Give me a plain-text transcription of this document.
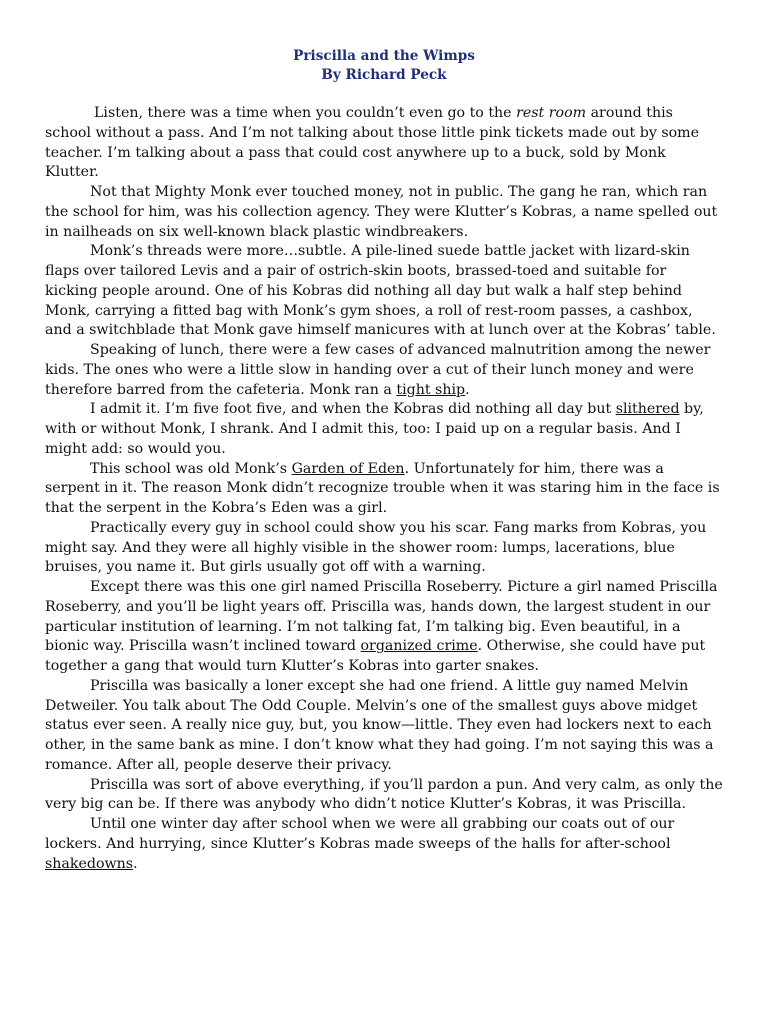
Priscilla and the Wimps
By Richard Peck

Listen, there was a time when you couldn’t even go to the rest room around this school without a pass. And I’m not talking about those little pink tickets made out by some teacher. I’m talking about a pass that could cost anywhere up to a buck, sold by Monk Klutter.

Not that Mighty Monk ever touched money, not in public. The gang he ran, which ran the school for him, was his collection agency. They were Klutter’s Kobras, a name spelled out in nailheads on six well-known black plastic windbreakers.

Monk’s threads were more…subtle. A pile-lined suede battle jacket with lizard-skin flaps over tailored Levis and a pair of ostrich-skin boots, brassed-toed and suitable for kicking people around. One of his Kobras did nothing all day but walk a half step behind Monk, carrying a fitted bag with Monk’s gym shoes, a roll of rest-room passes, a cashbox, and a switchblade that Monk gave himself manicures with at lunch over at the Kobras’ table.

Speaking of lunch, there were a few cases of advanced malnutrition among the newer kids. The ones who were a little slow in handing over a cut of their lunch money and were therefore barred from the cafeteria. Monk ran a tight ship.

I admit it. I’m five foot five, and when the Kobras did nothing all day but slithered by, with or without Monk, I shrank. And I admit this, too: I paid up on a regular basis. And I might add: so would you.

This school was old Monk’s Garden of Eden. Unfortunately for him, there was a serpent in it. The reason Monk didn’t recognize trouble when it was staring him in the face is that the serpent in the Kobra’s Eden was a girl.

Practically every guy in school could show you his scar. Fang marks from Kobras, you might say. And they were all highly visible in the shower room: lumps, lacerations, blue bruises, you name it. But girls usually got off with a warning.

Except there was this one girl named Priscilla Roseberry. Picture a girl named Priscilla Roseberry, and you’ll be light years off. Priscilla was, hands down, the largest student in our particular institution of learning. I’m not talking fat, I’m talking big. Even beautiful, in a bionic way. Priscilla wasn’t inclined toward organized crime. Otherwise, she could have put together a gang that would turn Klutter’s Kobras into garter snakes.

Priscilla was basically a loner except she had one friend. A little guy named Melvin Detweiler. You talk about The Odd Couple. Melvin’s one of the smallest guys above midget status ever seen. A really nice guy, but, you know—little. They even had lockers next to each other, in the same bank as mine. I don’t know what they had going. I’m not saying this was a romance. After all, people deserve their privacy.

Priscilla was sort of above everything, if you’ll pardon a pun. And very calm, as only the very big can be. If there was anybody who didn’t notice Klutter’s Kobras, it was Priscilla.

Until one winter day after school when we were all grabbing our coats out of our lockers. And hurrying, since Klutter’s Kobras made sweeps of the halls for after-school shakedowns.
